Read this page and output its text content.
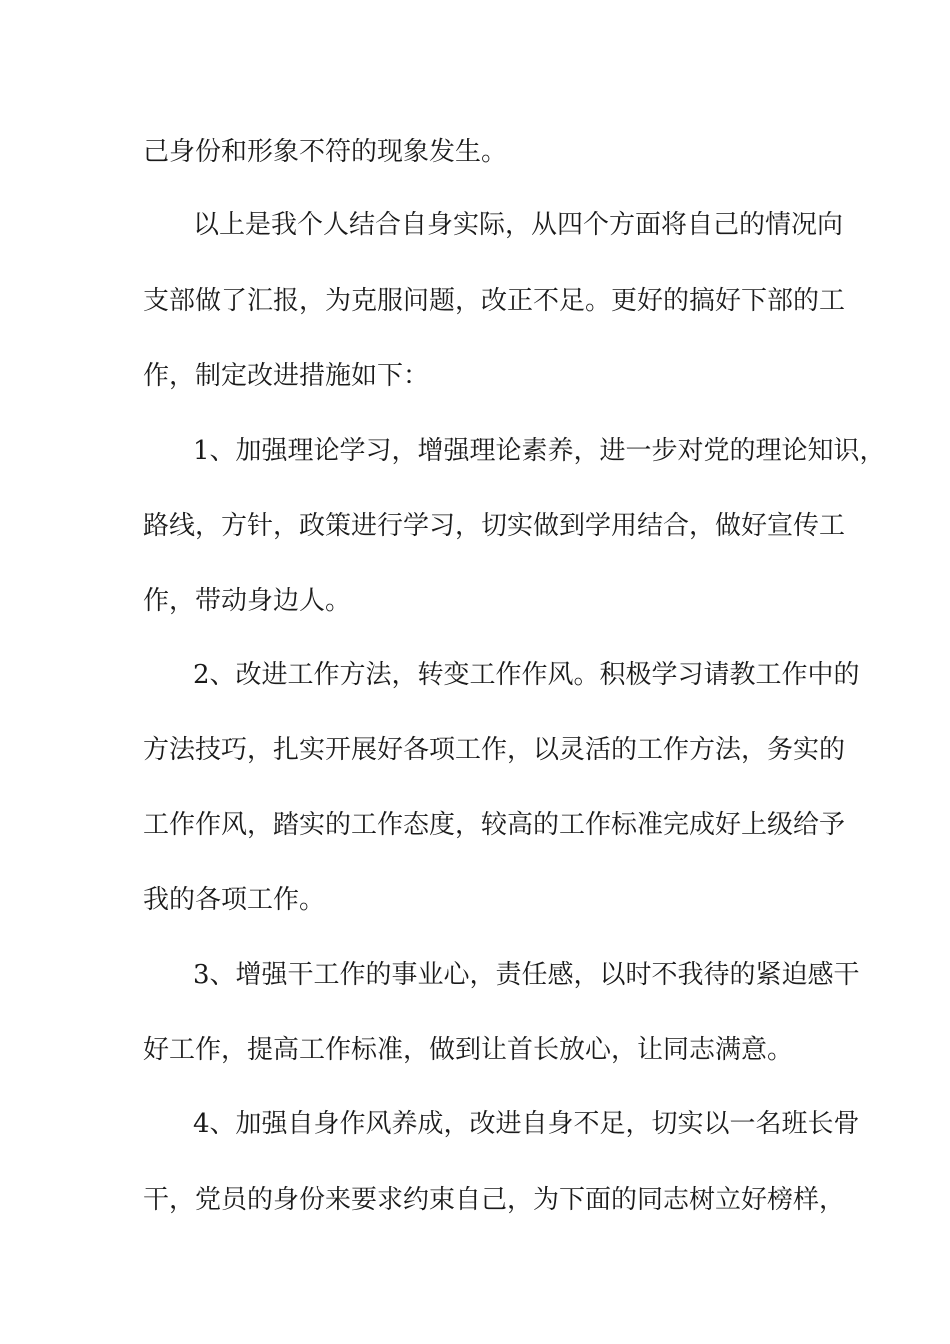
己身份和形象不符的现象发生。
以上是我个人结合自身实际，从四个方面将自己的情况向
支部做了汇报，为克服问题，改正不足。更好的搞好下部的工
作，制定改进措施如下：
1、加强理论学习，增强理论素养，进一步对党的理论知识，
路线，方针，政策进行学习，切实做到学用结合，做好宣传工
作，带动身边人。
2、改进工作方法，转变工作作风。积极学习请教工作中的
方法技巧，扎实开展好各项工作，以灵活的工作方法，务实的
工作作风，踏实的工作态度，较高的工作标准完成好上级给予
我的各项工作。
3、增强干工作的事业心，责任感，以时不我待的紧迫感干
好工作，提高工作标准，做到让首长放心，让同志满意。
4、加强自身作风养成，改进自身不足，切实以一名班长骨
干，党员的身份来要求约束自己，为下面的同志树立好榜样，
